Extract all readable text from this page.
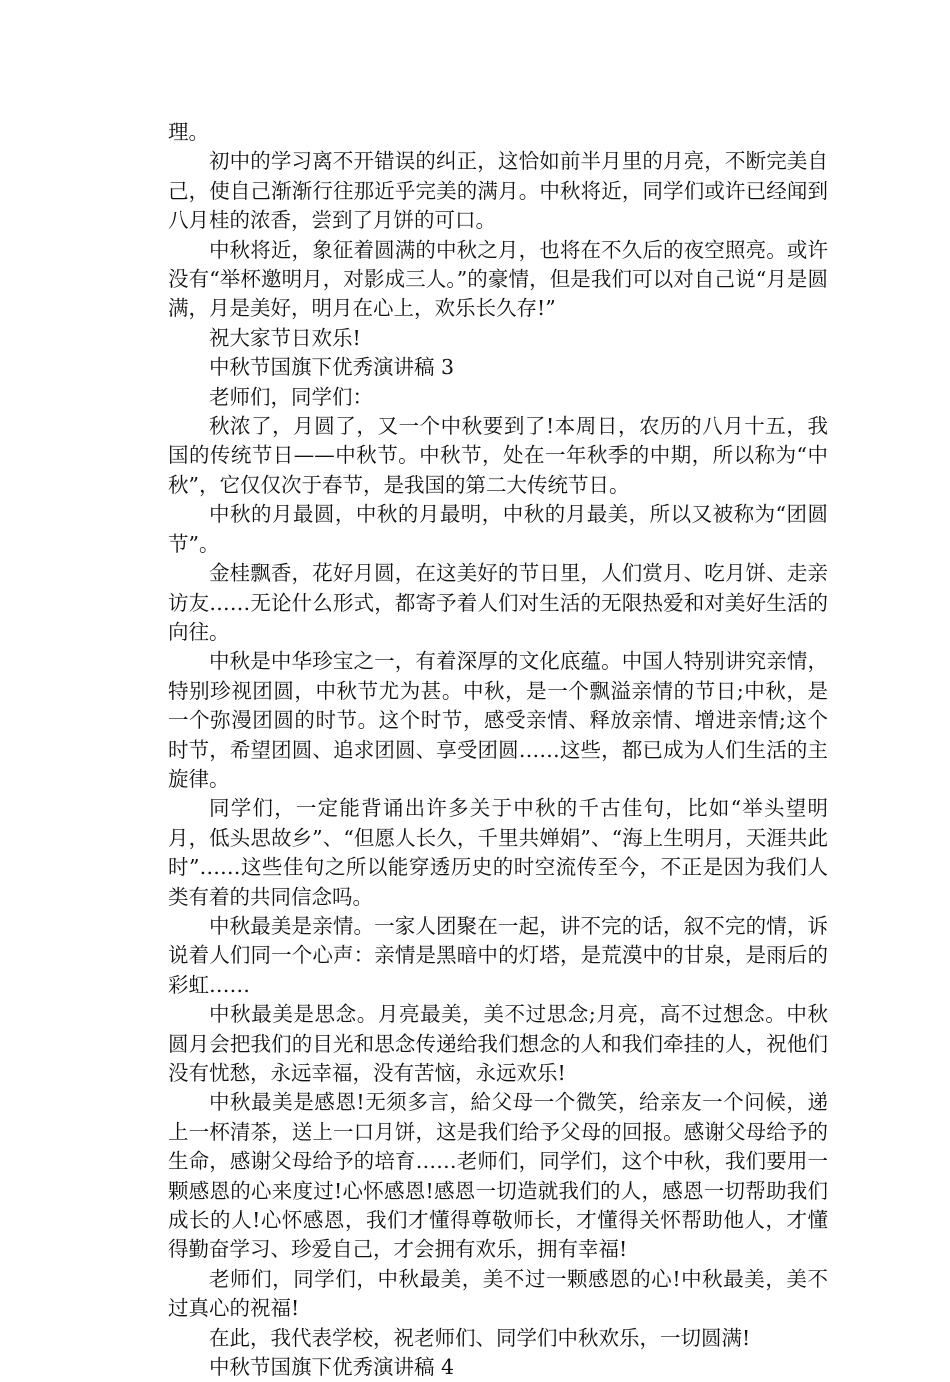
理。

初中的学习离不开错误的纠正，这恰如前半月里的月亮，不断完美自己，使自己渐渐行往那近乎完美的满月。中秋将近，同学们或许已经闻到八月桂的浓香，尝到了月饼的可口。

中秋将近，象征着圆满的中秋之月，也将在不久后的夜空照亮。或许没有“举杯邀明月，对影成三人。”的豪情，但是我们可以对自己说“月是圆满，月是美好，明月在心上，欢乐长久存!”

祝大家节日欢乐!

中秋节国旗下优秀演讲稿 3

老师们，同学们：

秋浓了，月圆了，又一个中秋要到了!本周日，农历的八月十五，我国的传统节日——中秋节。中秋节，处在一年秋季的中期，所以称为“中秋”，它仅仅次于春节，是我国的第二大传统节日。

中秋的月最圆，中秋的月最明，中秋的月最美，所以又被称为“团圆节”。

金桂飘香，花好月圆，在这美好的节日里，人们赏月、吃月饼、走亲访友……无论什么形式，都寄予着人们对生活的无限热爱和对美好生活的向往。

中秋是中华珍宝之一，有着深厚的文化底蕴。中国人特别讲究亲情，特别珍视团圆，中秋节尤为甚。中秋，是一个飘溢亲情的节日;中秋，是一个弥漫团圆的时节。这个时节，感受亲情、释放亲情、增进亲情;这个时节，希望团圆、追求团圆、享受团圆……这些，都已成为人们生活的主旋律。

同学们，一定能背诵出许多关于中秋的千古佳句，比如“举头望明月，低头思故乡”、“但愿人长久，千里共婵娟”、“海上生明月，天涯共此时”……这些佳句之所以能穿透历史的时空流传至今，不正是因为我们人类有着的共同信念吗。

中秋最美是亲情。一家人团聚在一起，讲不完的话，叙不完的情，诉说着人们同一个心声：亲情是黑暗中的灯塔，是荒漠中的甘泉，是雨后的彩虹……

中秋最美是思念。月亮最美，美不过思念;月亮，高不过想念。中秋圆月会把我们的目光和思念传递给我们想念的人和我们牵挂的人，祝他们没有忧愁，永远幸福，没有苦恼，永远欢乐!

中秋最美是感恩!无须多言，給父母一个微笑，给亲友一个问候，递上一杯清茶，送上一口月饼，这是我们给予父母的回报。感谢父母给予的生命，感谢父母给予的培育……老师们，同学们，这个中秋，我们要用一颗感恩的心来度过!心怀感恩!感恩一切造就我们的人，感恩一切帮助我们成长的人!心怀感恩，我们才懂得尊敬师长，才懂得关怀帮助他人，才懂得勤奋学习、珍爱自己，才会拥有欢乐，拥有幸福!

老师们，同学们，中秋最美，美不过一颗感恩的心!中秋最美，美不过真心的祝福!

在此，我代表学校，祝老师们、同学们中秋欢乐，一切圆满!

中秋节国旗下优秀演讲稿 4
